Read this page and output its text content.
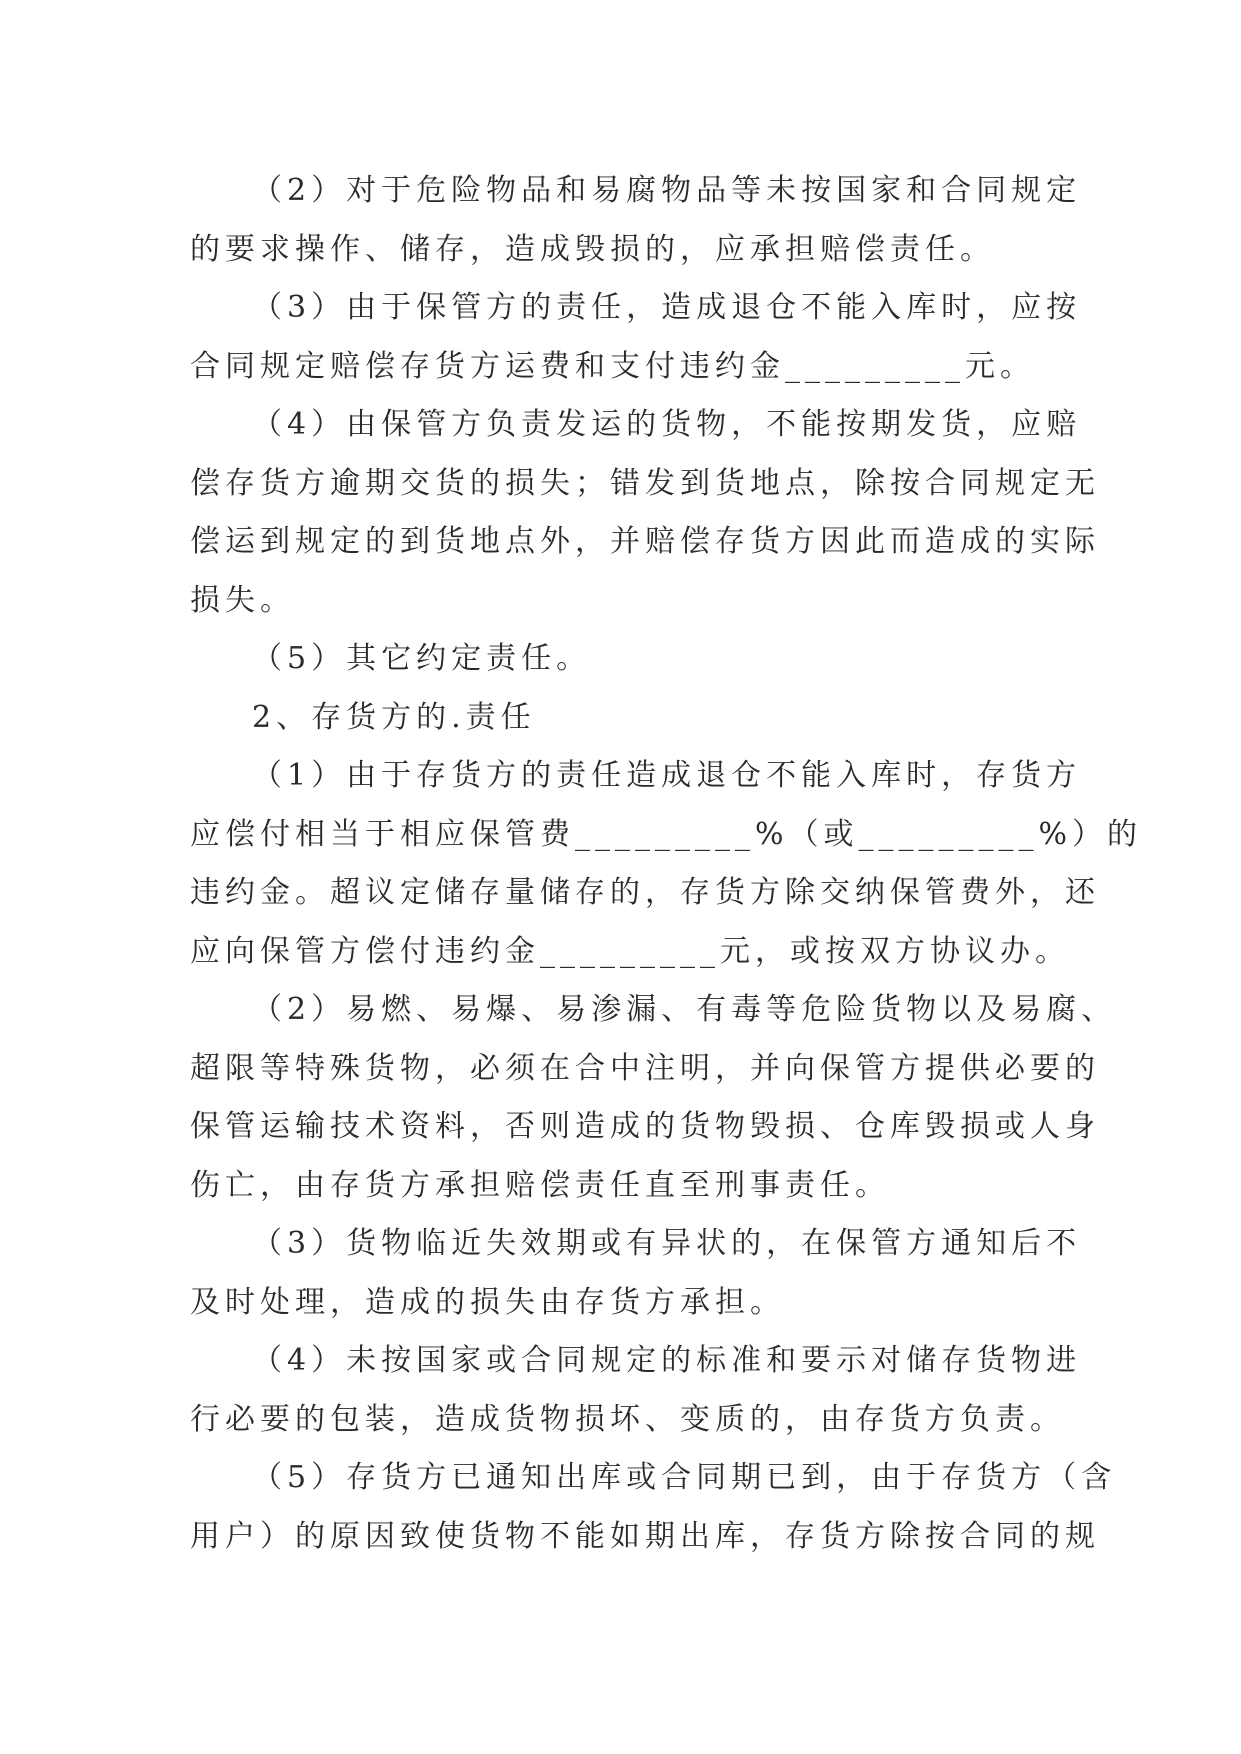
（2）对于危险物品和易腐物品等未按国家和合同规定
的要求操作、储存，造成毁损的，应承担赔偿责任。
（3）由于保管方的责任，造成退仓不能入库时，应按
合同规定赔偿存货方运费和支付违约金_________元。
（4）由保管方负责发运的货物，不能按期发货，应赔
偿存货方逾期交货的损失；错发到货地点，除按合同规定无
偿运到规定的到货地点外，并赔偿存货方因此而造成的实际
损失。
（5）其它约定责任。
2、存货方的.责任
（1）由于存货方的责任造成退仓不能入库时，存货方
应偿付相当于相应保管费_________%（或_________%）的
违约金。超议定储存量储存的，存货方除交纳保管费外，还
应向保管方偿付违约金_________元，或按双方协议办。
（2）易燃、易爆、易渗漏、有毒等危险货物以及易腐、
超限等特殊货物，必须在合中注明，并向保管方提供必要的
保管运输技术资料，否则造成的货物毁损、仓库毁损或人身
伤亡，由存货方承担赔偿责任直至刑事责任。
（3）货物临近失效期或有异状的，在保管方通知后不
及时处理，造成的损失由存货方承担。
（4）未按国家或合同规定的标准和要示对储存货物进
行必要的包装，造成货物损坏、变质的，由存货方负责。
（5）存货方已通知出库或合同期已到，由于存货方（含
用户）的原因致使货物不能如期出库，存货方除按合同的规
